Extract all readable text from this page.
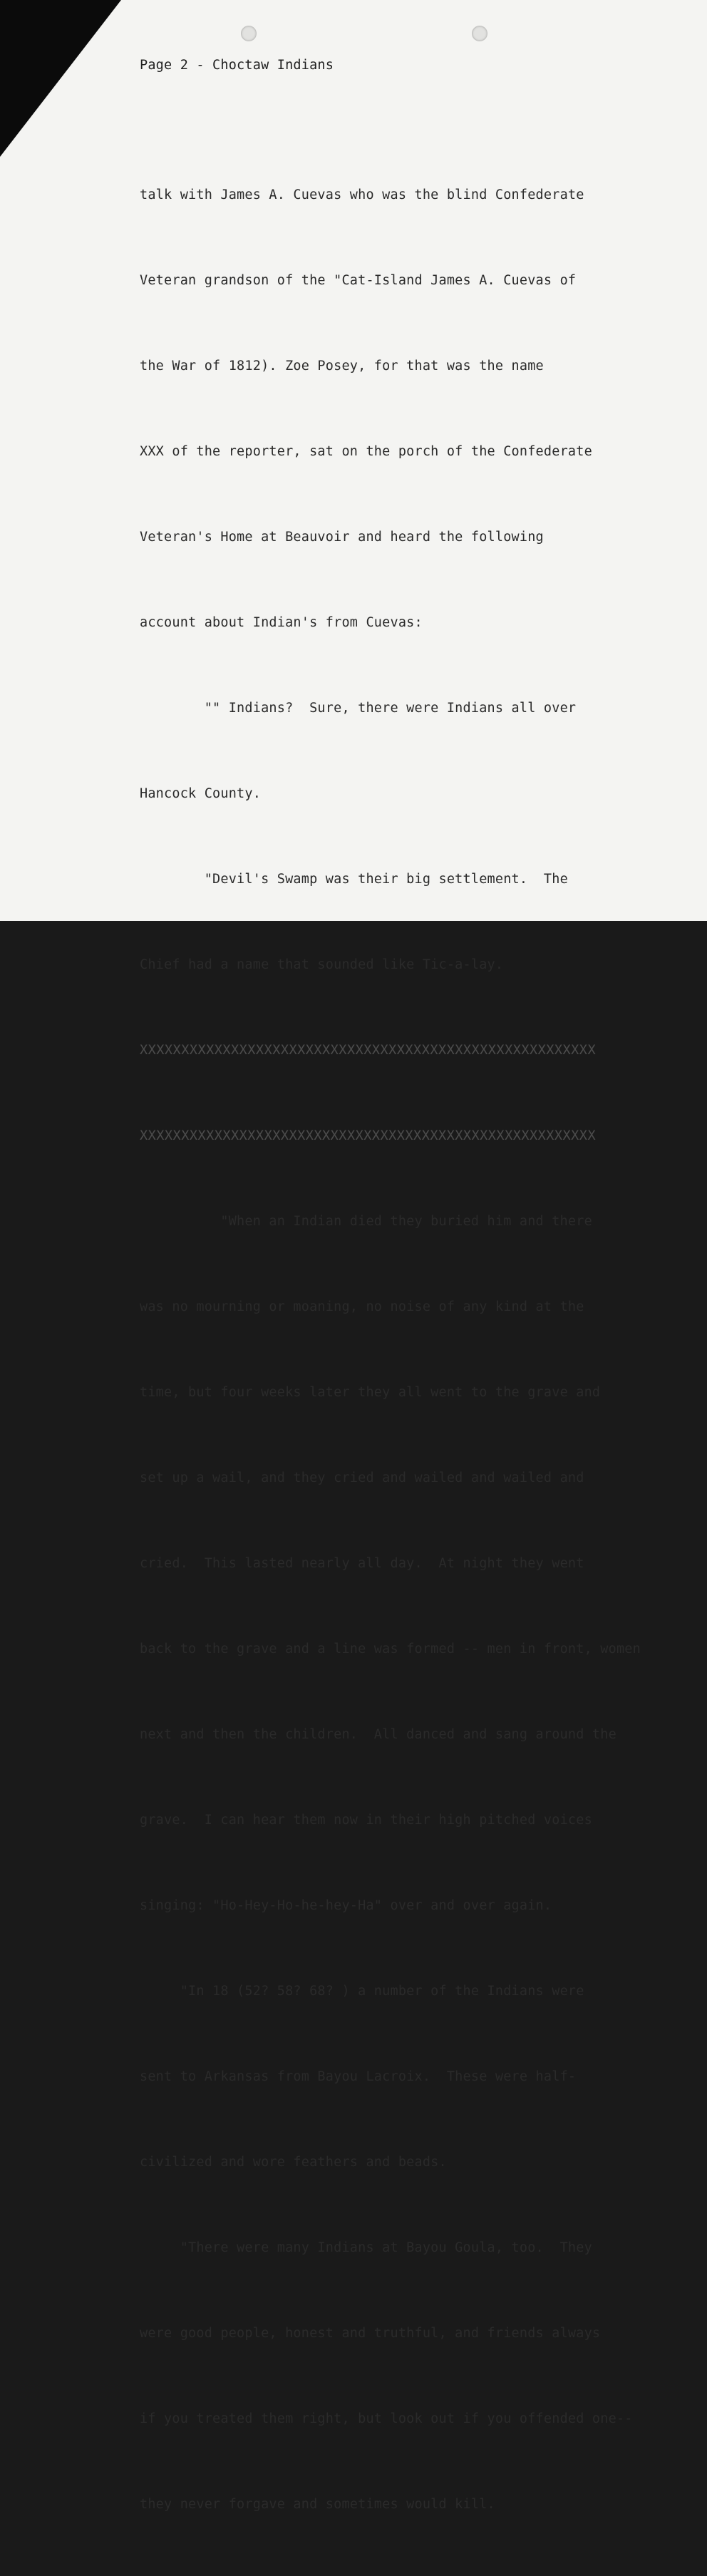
Page 2 - Choctaw Indians

talk with James A. Cuevas who was the blind Confederate

Veteran grandson of the "Cat-Island James A. Cuevas of

the War of 1812). Zoe Posey, for that was the name

XXX of the reporter, sat on the porch of the Confederate

Veteran's Home at Beauvoir and heard the following

account about Indian's from Cuevas:

"" Indians?  Sure, there were Indians all over

Hancock County.

"Devil's Swamp was their big settlement.  The

Chief had a name that sounded like Tic-a-lay.

XXXXXXXXXXXXXXXXXXXXXXXXXXXXXXXXXXXXXXXXXXXXXXXXXXXXXXX

XXXXXXXXXXXXXXXXXXXXXXXXXXXXXXXXXXXXXXXXXXXXXXXXXXXXXXX

"When an Indian died they buried him and there

was no mourning or moaning, no noise of any kind at the

time, but four weeks later they all went to the grave and

set up a wail, and they cried and wailed and wailed and

cried.  This lasted nearly all day.  At night they went

back to the grave and a line was formed -- men in front, women

next and then the children.  All danced and sang around the

grave.  I can hear them now in their high pitched voices

singing: "Ho-Hey-Ho-he-hey-Ha" over and over again.

"In 18 (52? 58? 68? ) a number of the Indians were

sent to Arkansas from Bayou Lacroix.  These were half-

civilized and wore feathers and beads.

"There were many Indians at Bayou Goula, too.  They

were good people, honest and truthful, and friends always

if you treated them right, but look out if you offended one--

they never forgave and sometimes would kill.
